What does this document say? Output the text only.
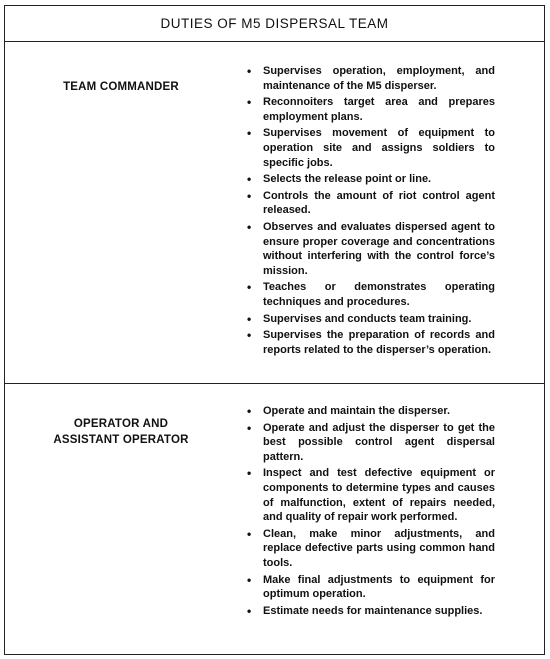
DUTIES OF M5 DISPERSAL TEAM
TEAM COMMANDER
• Supervises operation, employment, and maintenance of the M5 disperser.
• Reconnoiters target area and prepares employment plans.
• Supervises movement of equipment to operation site and assigns soldiers to specific jobs.
• Selects the release point or line.
• Controls the amount of riot control agent released.
• Observes and evaluates dispersed agent to ensure proper coverage and concentrations without interfering with the control force’s mission.
• Teaches or demonstrates operating techniques and procedures.
• Supervises and conducts team training.
• Supervises the preparation of records and reports related to the disperser’s operation.
OPERATOR AND
ASSISTANT OPERATOR
• Operate and maintain the disperser.
• Operate and adjust the disperser to get the best possible control agent dispersal pattern.
• Inspect and test defective equipment or components to determine types and causes of malfunction, extent of repairs needed, and quality of repair work performed.
• Clean, make minor adjustments, and replace defective parts using common hand tools.
• Make final adjustments to equipment for optimum operation.
• Estimate needs for maintenance supplies.
